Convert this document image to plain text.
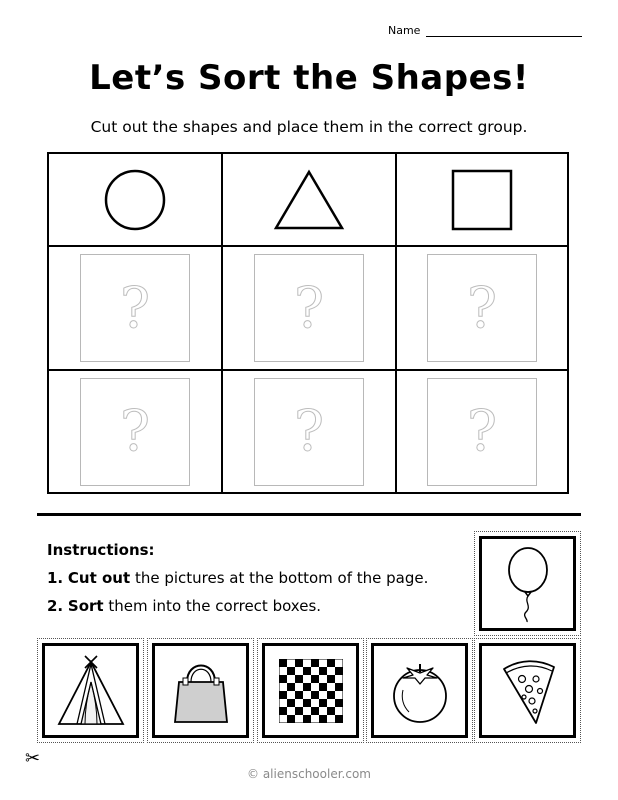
Name
Let’s Sort the Shapes!
Cut out the shapes and place them in the correct group.
?	?	?
?	?	?
Instructions:
1. Cut out the pictures at the bottom of the page.
2. Sort them into the correct boxes.
✂
© alienschooler.com
